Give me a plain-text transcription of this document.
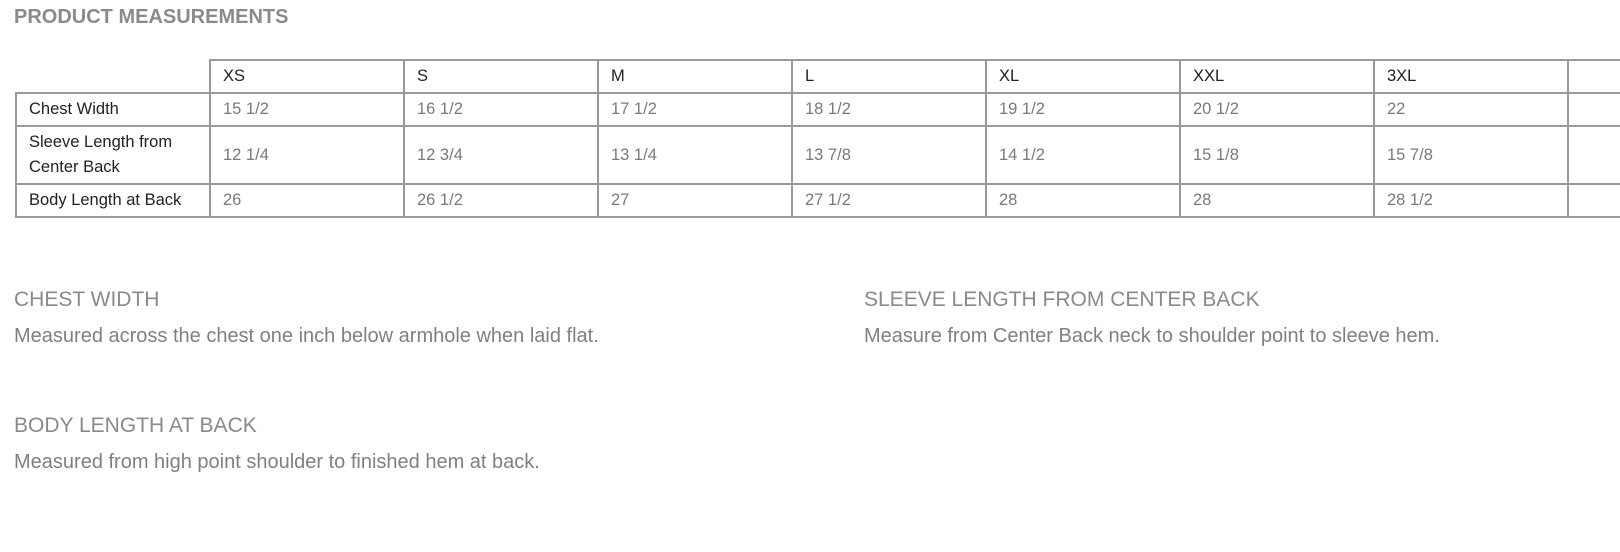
PRODUCT MEASUREMENTS
	XS	S	M	L	XL	XXL	3XL	
Chest Width	15 1/2	16 1/2	17 1/2	18 1/2	19 1/2	20 1/2	22	
Sleeve Length from Center Back	12 1/4	12 3/4	13 1/4	13 7/8	14 1/2	15 1/8	15 7/8	
Body Length at Back	26	26 1/2	27	27 1/2	28	28	28 1/2	
CHEST WIDTH

Measured across the chest one inch below armhole when laid flat.

SLEEVE LENGTH FROM CENTER BACK

Measure from Center Back neck to shoulder point to sleeve hem.

BODY LENGTH AT BACK

Measured from high point shoulder to finished hem at back.
